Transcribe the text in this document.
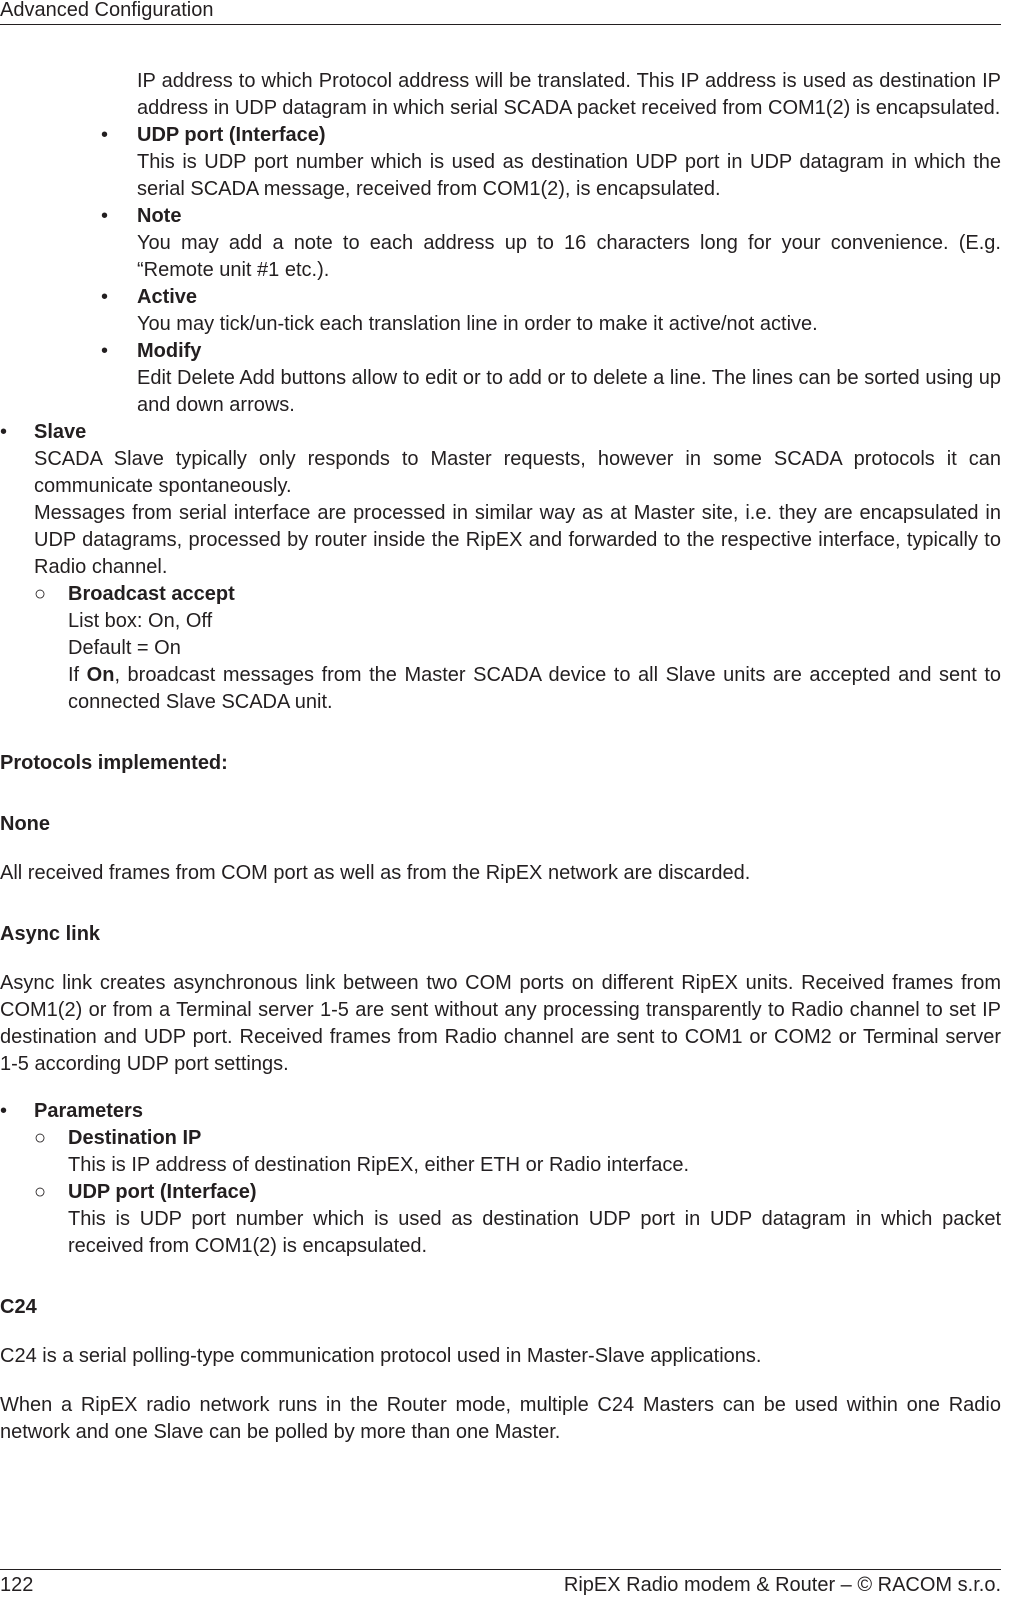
Advanced Configuration

IP address to which Protocol address will be translated. This IP address is used as destination IP address in UDP datagram in which serial SCADA packet received from COM1(2) is encapsulated.

• UDP port (Interface)

This is UDP port number which is used as destination UDP port in UDP datagram in which the serial SCADA message, received from COM1(2), is encapsulated.

• Note

You may add a note to each address up to 16 characters long for your convenience. (E.g. “Remote unit #1 etc.).

• Active

You may tick/un-tick each translation line in order to make it active/not active.

• Modify

Edit Delete Add buttons allow to edit or to add or to delete a line. The lines can be sorted using up and down arrows.

• Slave

SCADA Slave typically only responds to Master requests, however in some SCADA protocols it can communicate spontaneously.

Messages from serial interface are processed in similar way as at Master site, i.e. they are encapsulated in UDP datagrams, processed by router inside the RipEX and forwarded to the respective interface, typically to Radio channel.

○ Broadcast accept

List box: On, Off

Default = On

If On, broadcast messages from the Master SCADA device to all Slave units are accepted and sent to connected Slave SCADA unit.

Protocols implemented:

None

All received frames from COM port as well as from the RipEX network are discarded.

Async link

Async link creates asynchronous link between two COM ports on different RipEX units. Received frames from COM1(2) or from a Terminal server 1-5 are sent without any processing transparently to Radio channel to set IP destination and UDP port. Received frames from Radio channel are sent to COM1 or COM2 or Terminal server 1-5 according UDP port settings.

• Parameters
○ Destination IP

This is IP address of destination RipEX, either ETH or Radio interface.

○ UDP port (Interface)

This is UDP port number which is used as destination UDP port in UDP datagram in which packet received from COM1(2) is encapsulated.

C24

C24 is a serial polling-type communication protocol used in Master-Slave applications.

When a RipEX radio network runs in the Router mode, multiple C24 Masters can be used within one Radio network and one Slave can be polled by more than one Master.

122	RipEX Radio modem & Router – © RACOM s.r.o.
